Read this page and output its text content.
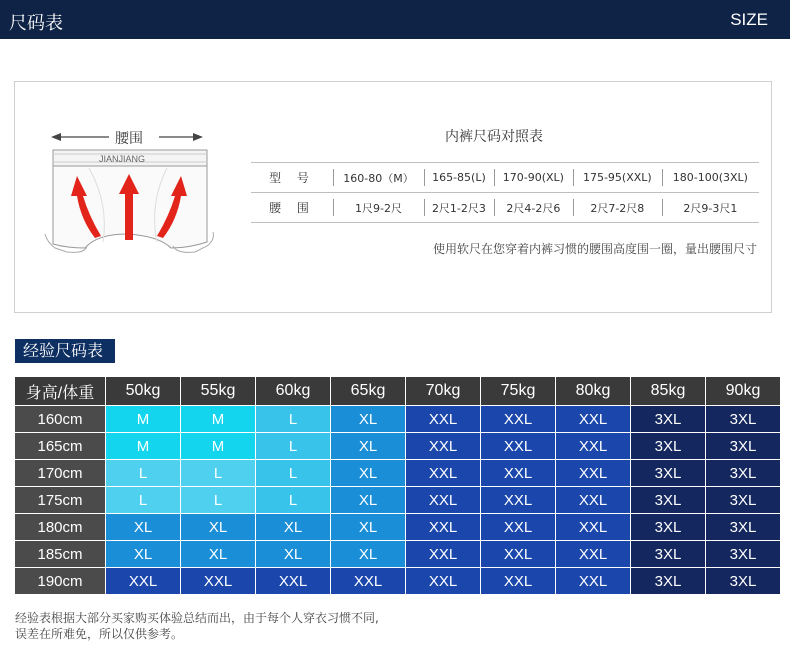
尺码表	SIZE
腰围
JIANJIANG
内裤尺码对照表
型 号	160-80（M）	165-85(L)	170-90(XL)	175-95(XXL)	180-100(3XL)
腰 围	1尺9-2尺	2尺1-2尺3	2尺4-2尺6	2尺7-2尺8	2尺9-3尺1
使用软尺在您穿着内裤习惯的腰围高度围一圈，量出腰围尺寸
经验尺码表
身高/体重	50kg	55kg	60kg	65kg	70kg	75kg	80kg	85kg	90kg
160cm	M	M	L	XL	XXL	XXL	XXL	3XL	3XL
165cm	M	M	L	XL	XXL	XXL	XXL	3XL	3XL
170cm	L	L	L	XL	XXL	XXL	XXL	3XL	3XL
175cm	L	L	L	XL	XXL	XXL	XXL	3XL	3XL
180cm	XL	XL	XL	XL	XXL	XXL	XXL	3XL	3XL
185cm	XL	XL	XL	XL	XXL	XXL	XXL	3XL	3XL
190cm	XXL	XXL	XXL	XXL	XXL	XXL	XXL	3XL	3XL
经验表根据大部分买家购买体验总结而出，由于每个人穿衣习惯不同,
误差在所难免，所以仅供参考。
